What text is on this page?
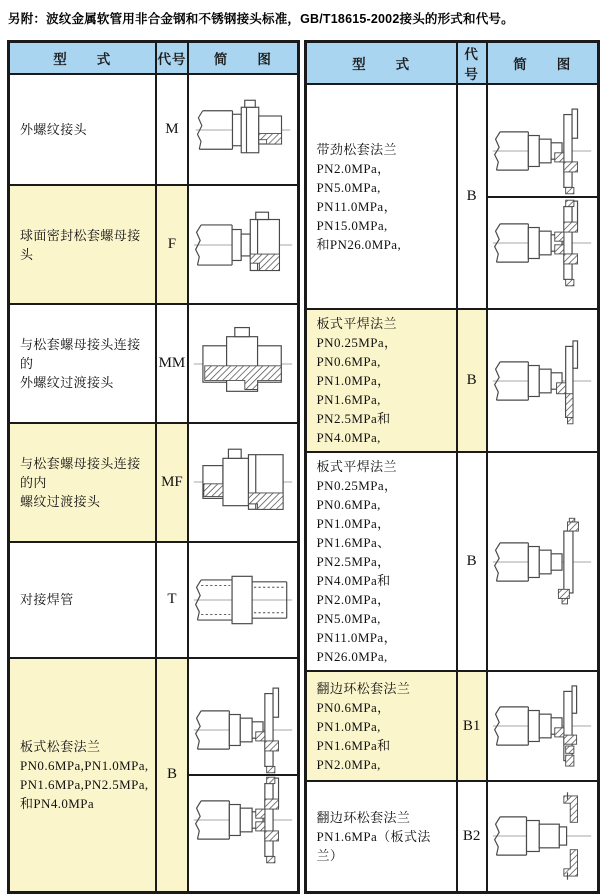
另附：波纹金属软管用非合金钢和不锈钢接头标准，GB/T18615-2002接头的形式和代号。
型　　式	代号	简　　图

外螺纹接头	M	

球面密封松套螺母接头	F	

与松套螺母接头连接的
外螺纹过渡接头	MM	

与松套螺母接头连接的内
螺纹过渡接头	MF	

对接焊管	T	

板式松套法兰
PN0.6MPa,PN1.0MPa,
PN1.6MPa,PN2.5MPa,
和PN4.0MPa	B	
型　　式	代号	简　　图

带劲松套法兰
PN2.0MPa，PN5.0MPa,
PN11.0MPa，PN15.0MPa,
和PN26.0MPa,	B	

板式平焊法兰
PN0.25MPa，PN0.6MPa,
PN1.0MPa，PN1.6MPa,
PN2.5MPa和PN4.0MPa,	B	

板式平焊法兰
PN0.25MPa，PN0.6MPa,
PN1.0MPa，PN1.6MPa、
PN2.5MPa，PN4.0MPa和
PN2.0MPa，PN5.0MPa,
PN11.0MPa，PN26.0MPa,
	B	

翻边环松套法兰
PN0.6MPa，PN1.0MPa,
PN1.6MPa和PN2.0MPa,	B1	

翻边环松套法兰
PN1.6MPa（板式法兰）	B2	
